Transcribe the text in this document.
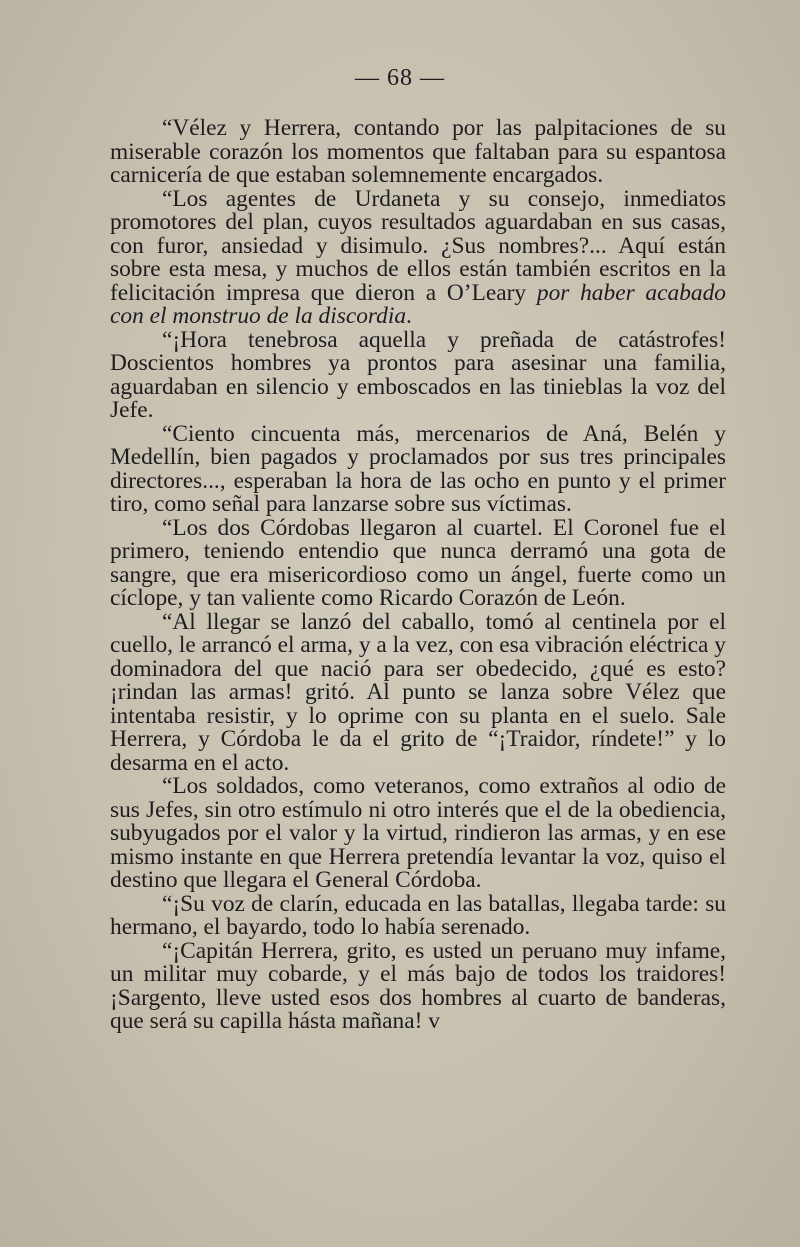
— 68 —

“Vélez y Herrera, contando por las palpitaciones de su miserable corazón los momentos que faltaban para su espantosa carnicería de que estaban solemnemente encargados.

“Los agentes de Urdaneta y su consejo, inmediatos promotores del plan, cuyos resultados aguardaban en sus casas, con furor, ansiedad y disimulo. ¿Sus nombres?... Aquí están sobre esta mesa, y muchos de ellos están también escritos en la felicitación impresa que dieron a O’Leary por haber acabado con el monstruo de la discordia.

“¡Hora tenebrosa aquella y preñada de catástrofes! Doscientos hombres ya prontos para asesinar una familia, aguardaban en silencio y emboscados en las tinieblas la voz del Jefe.

“Ciento cincuenta más, mercenarios de Aná, Belén y Medellín, bien pagados y proclamados por sus tres principales directores..., esperaban la hora de las ocho en punto y el primer tiro, como señal para lanzarse sobre sus víctimas.

“Los dos Córdobas llegaron al cuartel. El Coronel fue el primero, teniendo entendio que nunca derramó una gota de sangre, que era misericordioso como un ángel, fuerte como un cíclope, y tan valiente como Ricardo Corazón de León.

“Al llegar se lanzó del caballo, tomó al centinela por el cuello, le arrancó el arma, y a la vez, con esa vibración eléctrica y dominadora del que nació para ser obedecido, ¿qué es esto? ¡rindan las armas! gritó. Al punto se lanza sobre Vélez que intentaba resistir, y lo oprime con su planta en el suelo. Sale Herrera, y Córdoba le da el grito de “¡Traidor, ríndete!” y lo desarma en el acto.

“Los soldados, como veteranos, como extraños al odio de sus Jefes, sin otro estímulo ni otro interés que el de la obediencia, subyugados por el valor y la virtud, rindieron las armas, y en ese mismo instante en que Herrera pretendía levantar la voz, quiso el destino que llegara el General Córdoba.

“¡Su voz de clarín, educada en las batallas, llegaba tarde: su hermano, el bayardo, todo lo había serenado.

“¡Capitán Herrera, grito, es usted un peruano muy infame, un militar muy cobarde, y el más bajo de todos los traidores! ¡Sargento, lleve usted esos dos hombres al cuarto de banderas, que será su capilla hásta mañana! v
